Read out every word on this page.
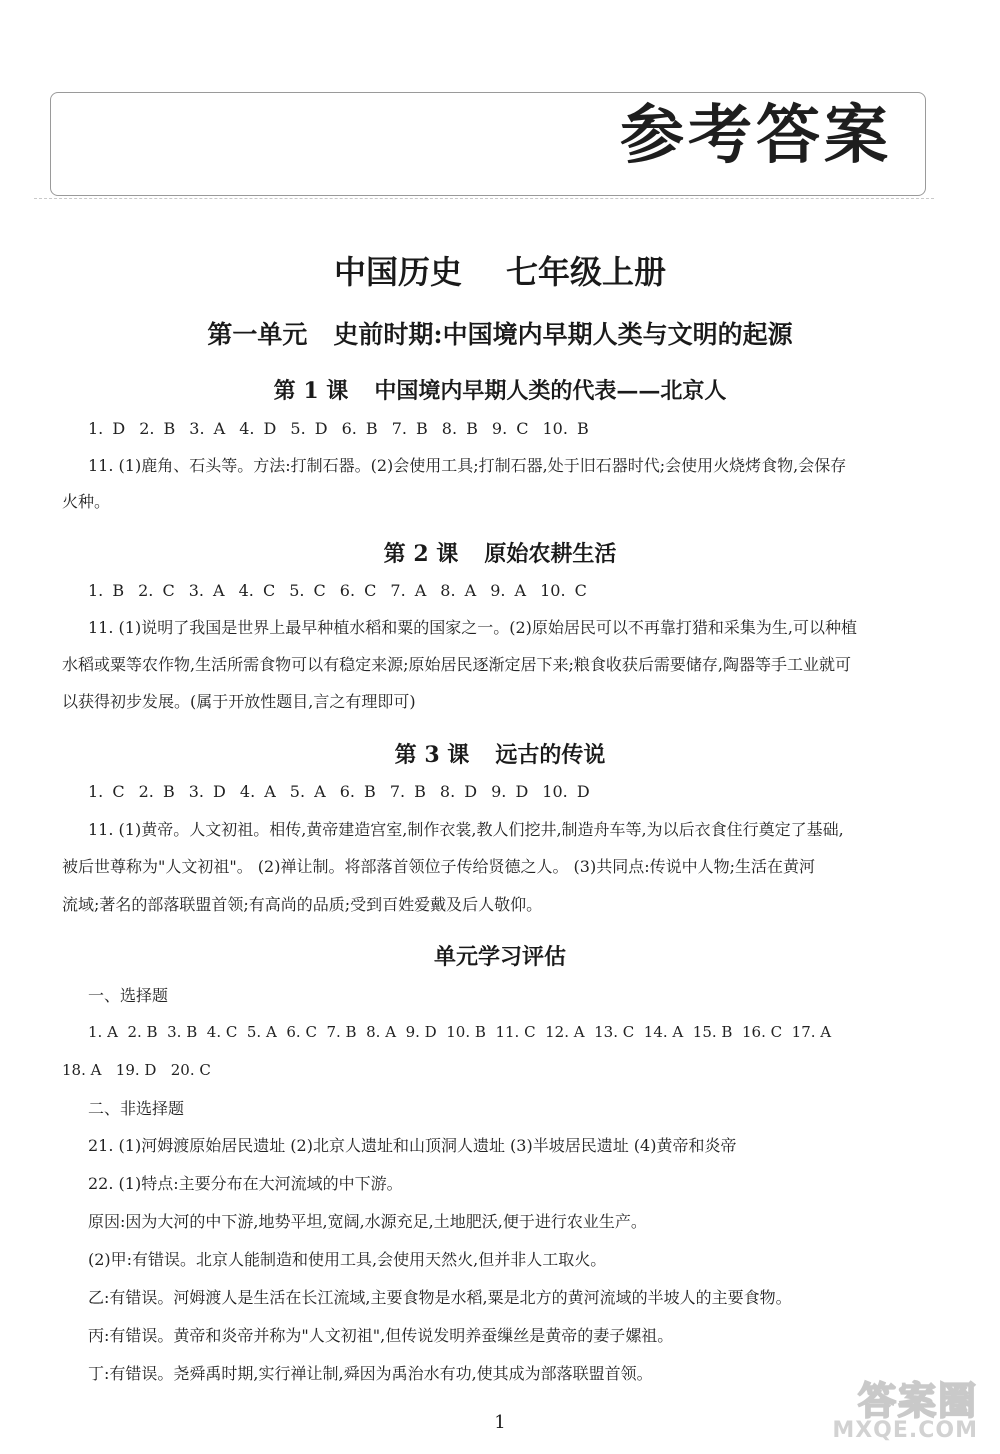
参考答案
中国历史 七年级上册
第一单元 史前时期:中国境内早期人类与文明的起源
第 1 课 中国境内早期人类的代表——北京人
1. D 2. B 3. A 4. D 5. D 6. B 7. B 8. B 9. C 10. B
11. (1)鹿角、石头等。方法:打制石器。(2)会使用工具;打制石器,处于旧石器时代;会使用火烧烤食物,会保存
火种。
第 2 课 原始农耕生活
1. B 2. C 3. A 4. C 5. C 6. C 7. A 8. A 9. A 10. C
11. (1)说明了我国是世界上最早种植水稻和粟的国家之一。(2)原始居民可以不再靠打猎和采集为生,可以种植
水稻或粟等农作物,生活所需食物可以有稳定来源;原始居民逐渐定居下来;粮食收获后需要储存,陶器等手工业就可
以获得初步发展。(属于开放性题目,言之有理即可)
第 3 课 远古的传说
1. C 2. B 3. D 4. A 5. A 6. B 7. B 8. D 9. D 10. D
11. (1)黄帝。人文初祖。相传,黄帝建造宫室,制作衣裳,教人们挖井,制造舟车等,为以后衣食住行奠定了基础,
被后世尊称为"人文初祖"。 (2)禅让制。将部落首领位子传给贤德之人。 (3)共同点:传说中人物;生活在黄河
流域;著名的部落联盟首领;有高尚的品质;受到百姓爱戴及后人敬仰。
单元学习评估
一、选择题
1. A 2. B 3. B 4. C 5. A 6. C 7. B 8. A 9. D 10. B 11. C 12. A 13. C 14. A 15. B 16. C 17. A
18. A 19. D 20. C
二、非选择题
21. (1)河姆渡原始居民遗址 (2)北京人遗址和山顶洞人遗址 (3)半坡居民遗址 (4)黄帝和炎帝
22. (1)特点:主要分布在大河流域的中下游。
原因:因为大河的中下游,地势平坦,宽阔,水源充足,土地肥沃,便于进行农业生产。
(2)甲:有错误。北京人能制造和使用工具,会使用天然火,但并非人工取火。
乙:有错误。河姆渡人是生活在长江流域,主要食物是水稻,粟是北方的黄河流域的半坡人的主要食物。
丙:有错误。黄帝和炎帝并称为"人文初祖",但传说发明养蚕缫丝是黄帝的妻子嫘祖。
丁:有错误。尧舜禹时期,实行禅让制,舜因为禹治水有功,使其成为部落联盟首领。
1	答案圈
MXQE.COM
